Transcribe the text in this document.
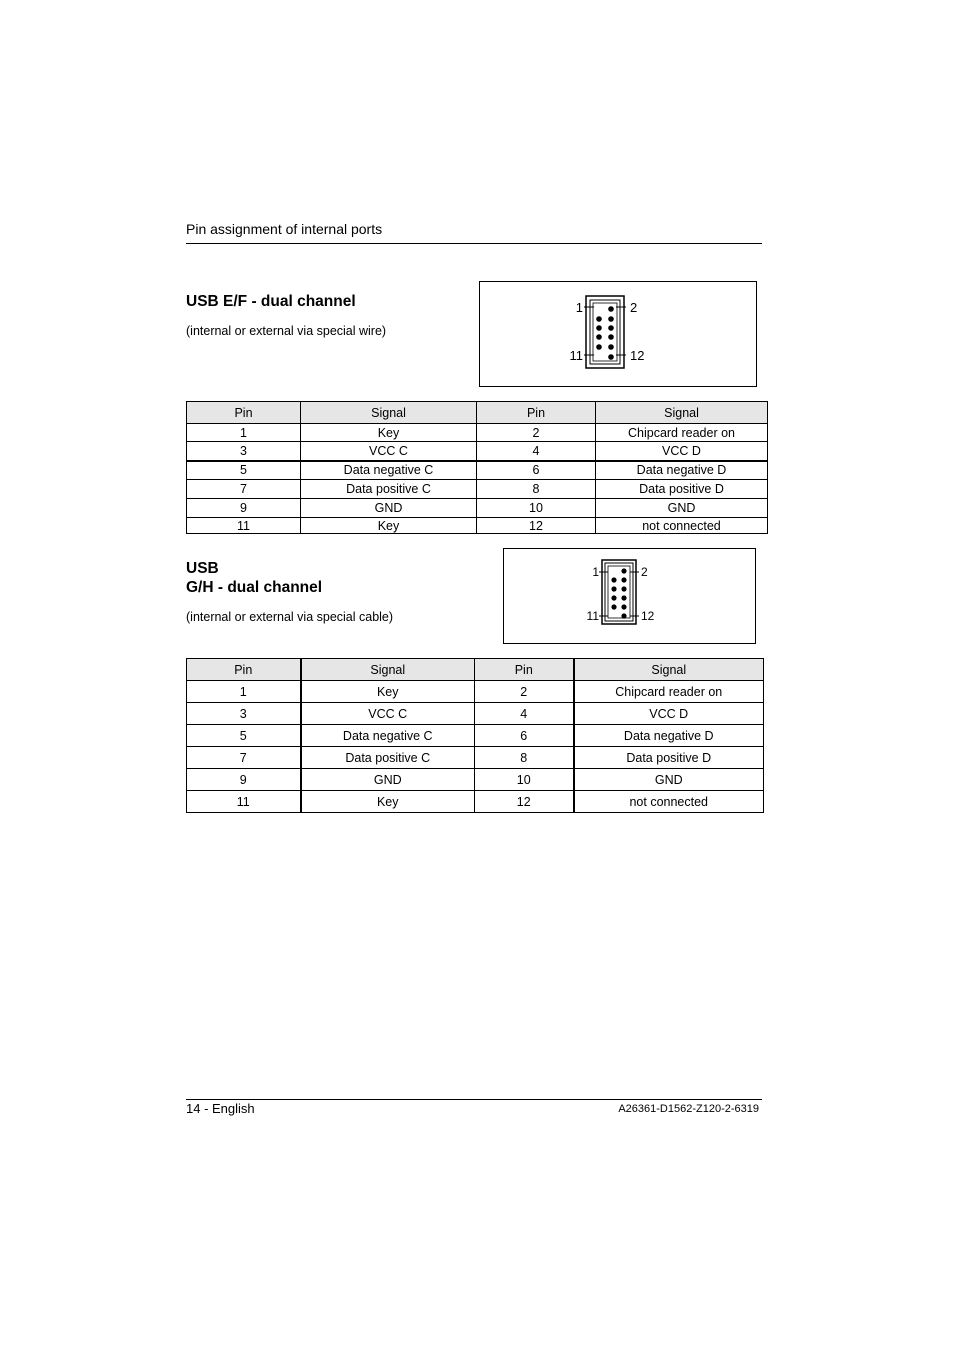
Pin assignment of internal ports
USB E/F - dual channel
(internal or external via special wire)
1	2
11	12
Pin	Signal	Pin	Signal
1	Key	2	Chipcard reader on
3	VCC C	4	VCC D
5	Data negative C	6	Data negative D
7	Data positive C	8	Data positive D
9	GND	10	GND
11	Key	12	not connected
USB
G/H - dual channel
(internal or external via special cable)
1	2
11	12
Pin	Signal	Pin	Signal
1	Key	2	Chipcard reader on
3	VCC C	4	VCC D
5	Data negative C	6	Data negative D
7	Data positive C	8	Data positive D
9	GND	10	GND
11	Key	12	not connected
14 - English	A26361-D1562-Z120-2-6319
